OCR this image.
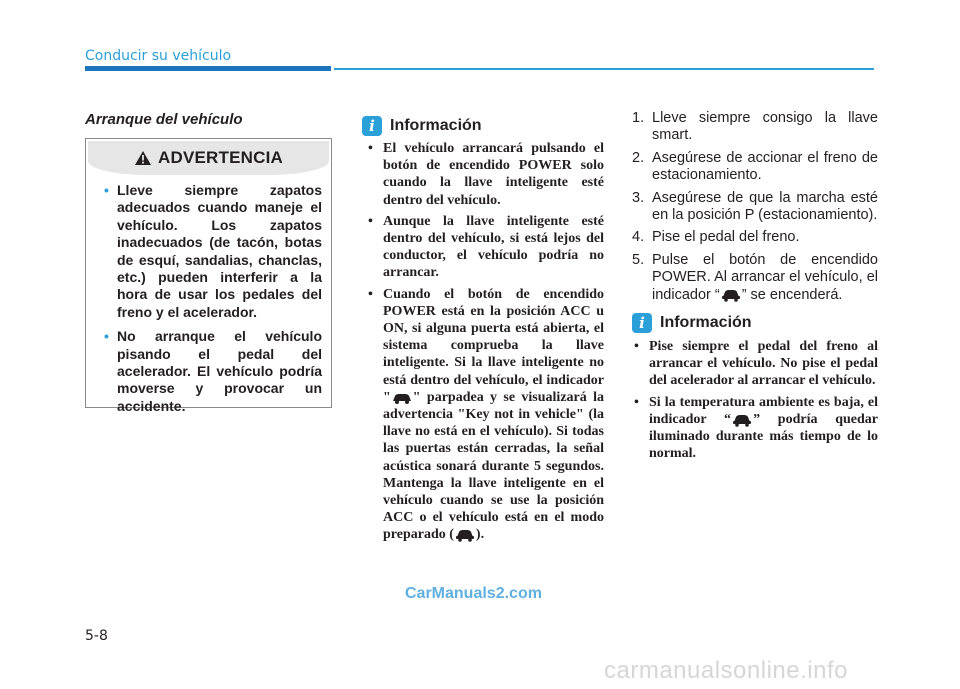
Conducir su vehículo
Arranque del vehículo
ADVERTENCIA
• Lleve siempre zapatos adecuados cuando maneje el vehículo. Los zapatos inadecuados (de tacón, botas de esquí, sandalias, chanclas, etc.) pueden interferir a la hora de usar los pedales del freno y el acelerador.
• No arranque el vehículo pisando el pedal del acelerador. El vehículo podría moverse y provocar un accidente.
i Información
• El vehículo arrancará pulsando el botón de encendido POWER solo cuando la llave inteligente esté dentro del vehículo.
• Aunque la llave inteligente esté dentro del vehículo, si está lejos del conductor, el vehículo podría no arrancar.
• Cuando el botón de encendido POWER está en la posición ACC u ON, si alguna puerta está abierta, el sistema comprueba la llave inteligente. Si la llave inteligente no está dentro del vehículo, el indicador " " parpadea y se visualizará la advertencia "Key not in vehicle" (la llave no está en el vehículo). Si todas las puertas están cerradas, la señal acústica sonará durante 5 segundos. Mantenga la llave inteligente en el vehículo cuando se use la posición ACC o el vehículo está en el modo preparado ( ).
1. Lleve siempre consigo la llave smart.
2. Asegúrese de accionar el freno de estacionamiento.
3. Asegúrese de que la marcha esté en la posición P (estacionamiento).
4. Pise el pedal del freno.
5. Pulse el botón de encendido POWER. Al arrancar el vehículo, el indicador “ ” se encenderá.
i Información
• Pise siempre el pedal del freno al arrancar el vehículo. No pise el pedal del acelerador al arrancar el vehículo.
• Si la temperatura ambiente es baja, el indicador “ ” podría quedar iluminado durante más tiempo de lo normal.
5-8
CarManuals2.com
carmanualsonline.info
